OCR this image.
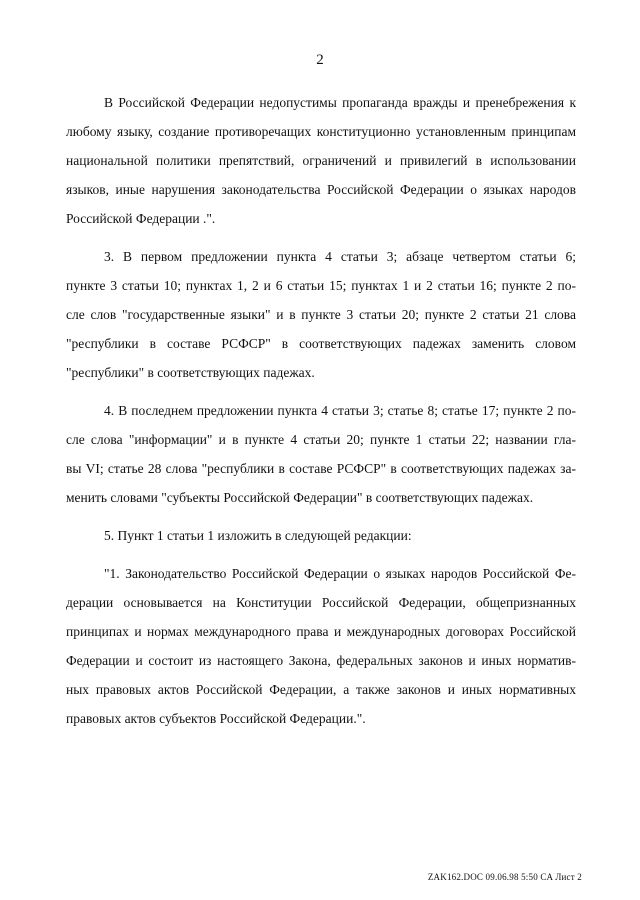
2
В Российской Федерации недопустимы пропаганда вражды и пренебрежения к
любому языку, создание противоречащих конституционно установленным принципам
национальной политики препятствий, ограничений и привилегий в использовании
языков, иные нарушения законодательства Российской Федерации о языках народов
Российской Федерации .".
3. В первом предложении пункта 4 статьи 3; абзаце четвертом статьи 6;
пункте 3 статьи 10; пунктах 1, 2 и 6 статьи 15; пунктах 1 и 2 статьи 16; пункте 2 по-
сле слов "государственные языки" и в пункте 3 статьи 20; пункте 2 статьи 21 слова
"республики в составе РСФСР" в соответствующих падежах заменить словом
"республики" в соответствующих падежах.
4. В последнем предложении пункта 4 статьи 3; статье 8; статье 17; пункте 2 по-
сле слова "информации" и в пункте 4 статьи 20; пункте 1 статьи 22; названии гла-
вы VI; статье 28 слова "республики в составе РСФСР" в соответствующих падежах за-
менить словами "субъекты Российской Федерации" в соответствующих падежах.
5. Пункт 1 статьи 1 изложить в следующей редакции:
"1. Законодательство Российской Федерации о языках народов Российской Фе-
дерации основывается на Конституции Российской Федерации, общепризнанных
принципах и нормах международного права и международных договорах Российской
Федерации и состоит из настоящего Закона, федеральных законов и иных норматив-
ных правовых актов Российской Федерации, а также законов и иных нормативных
правовых актов субъектов Российской Федерации.".
ZAK162.DOC 09.06.98 5:50 CA Лист 2
